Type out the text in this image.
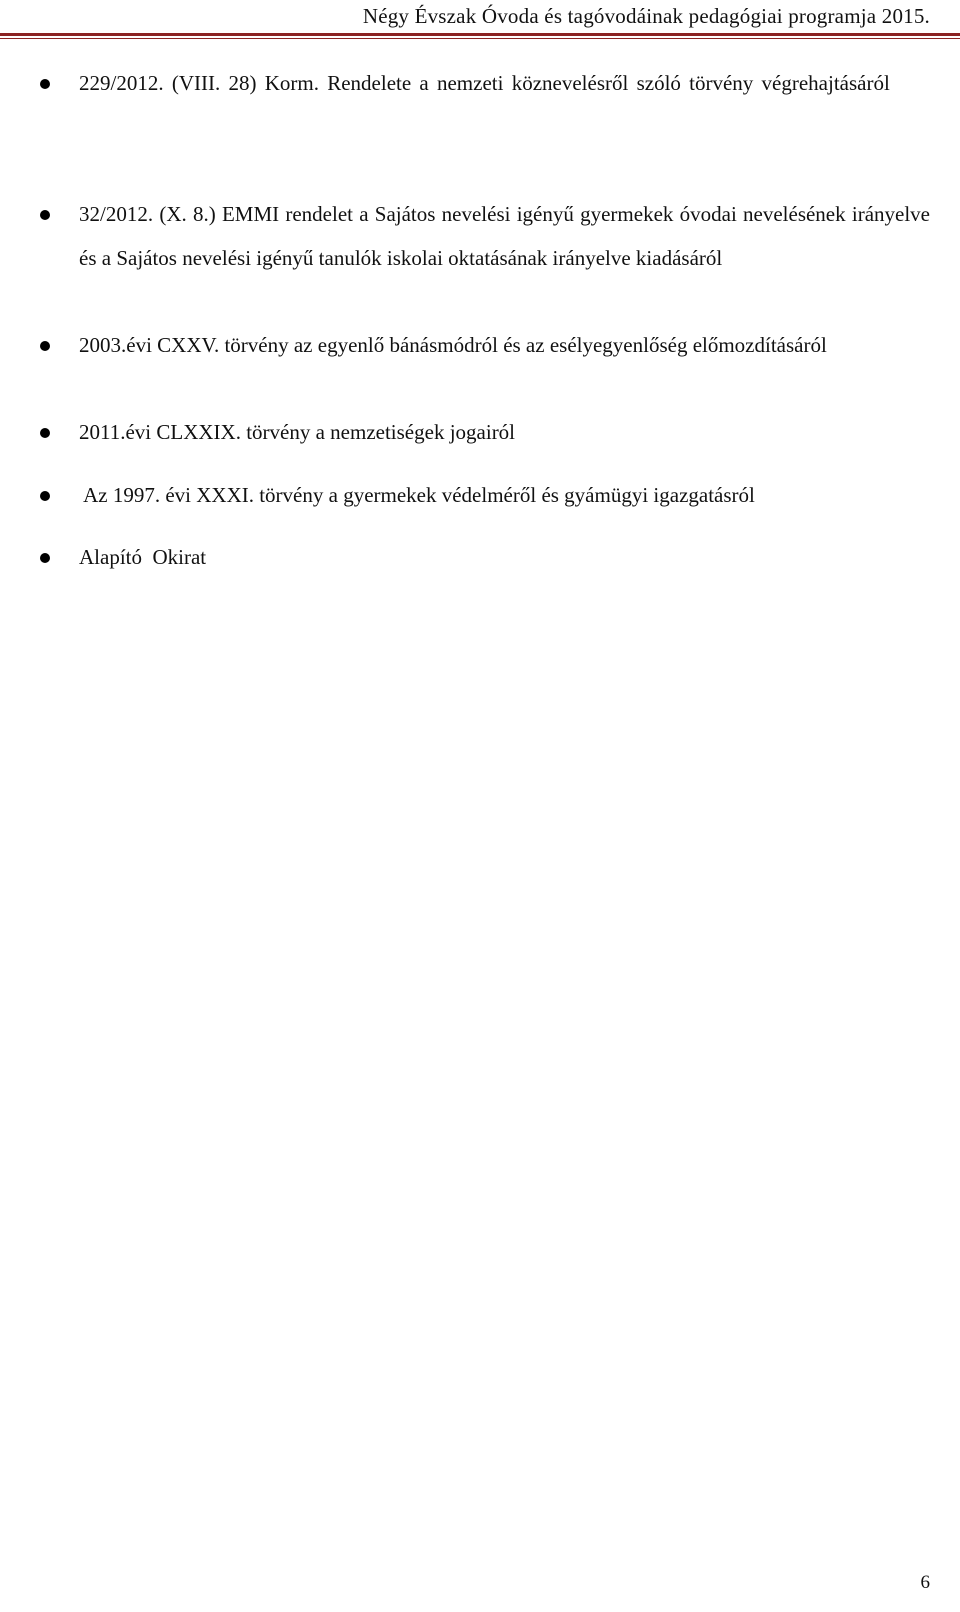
Négy Évszak Óvoda és tagóvodáinak pedagógiai programja 2015.
229/2012. (VIII. 28) Korm. Rendelete a nemzeti köznevelésről szóló törvény végrehajtásáról
32/2012. (X. 8.) EMMI rendelet a Sajátos nevelési igényű gyermekek óvodai nevelésének irányelve és a Sajátos nevelési igényű tanulók iskolai oktatásának irányelve kiadásáról
2003.évi CXXV. törvény az egyenlő bánásmódról és az esélyegyenlőség előmozdításáról
2011.évi CLXXIX. törvény a nemzetiségek jogairól
Az 1997. évi XXXI. törvény a gyermekek védelméről és gyámügyi igazgatásról
Alapító  Okirat
6
